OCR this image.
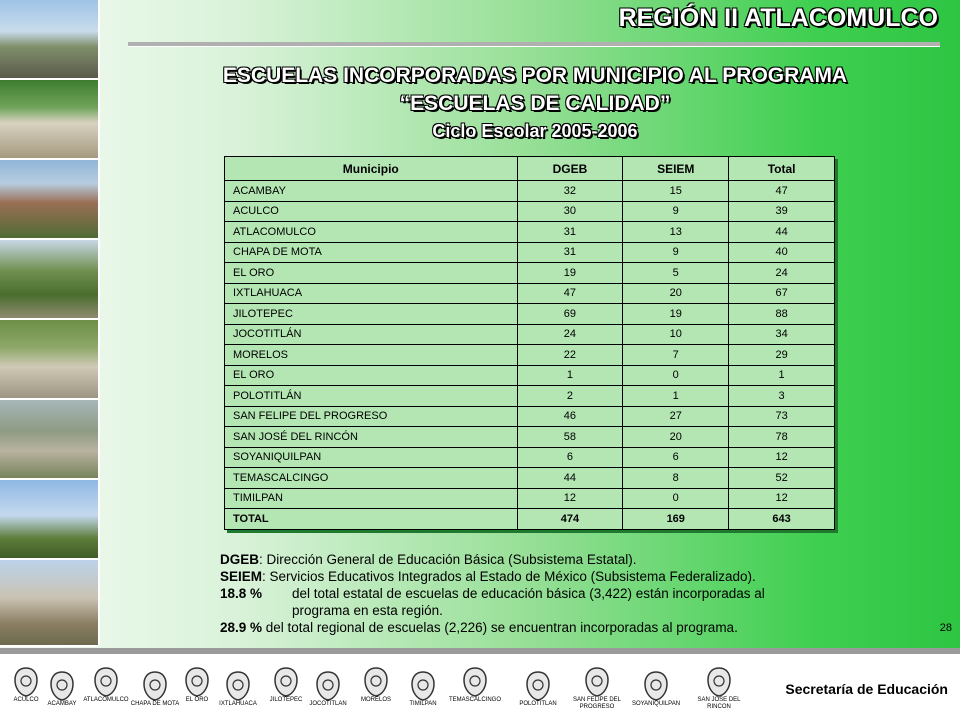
REGIÓN II ATLACOMULCO
ESCUELAS INCORPORADAS POR MUNICIPIO AL PROGRAMA
“ESCUELAS DE CALIDAD”
Ciclo Escolar 2005-2006
Municipio	DGEB	SEIEM	Total
ACAMBAY	32	15	47
ACULCO	30	9	39
ATLACOMULCO	31	13	44
CHAPA DE MOTA	31	9	40
EL ORO	19	5	24
IXTLAHUACA	47	20	67
JILOTEPEC	69	19	88
JOCOTITLÁN	24	10	34
MORELOS	22	7	29
EL ORO	1	0	1
POLOTITLÁN	2	1	3
SAN FELIPE DEL PROGRESO	46	27	73
SAN JOSÉ DEL RINCÓN	58	20	78
SOYANIQUILPAN	6	6	12
TEMASCALCINGO	44	8	52
TIMILPAN	12	0	12
TOTAL	474	169	643

DGEB: Dirección General de Educación Básica (Subsistema Estatal).

SEIEM: Servicios Educativos Integrados al Estado de México (Subsistema Federalizado).

18.8 %	del total estatal de escuelas de educación básica (3,422) están incorporadas al

programa en esta región.

28.9 % del total regional de escuelas (2,226) se encuentran incorporadas al programa.	28
ACULCO
ACAMBAY
ATLACOMULCO
CHAPA DE MOTA
EL ORO
IXTLAHUACA
JILOTEPEC
JOCOTITLAN
MORELOS
TIMILPAN
TEMASCALCINGO
POLOTITLAN
SAN FELIPE DEL PROGRESO	SOYANIQUILPAN
SAN JOSE DEL RINCON
Secretaría de Educación
